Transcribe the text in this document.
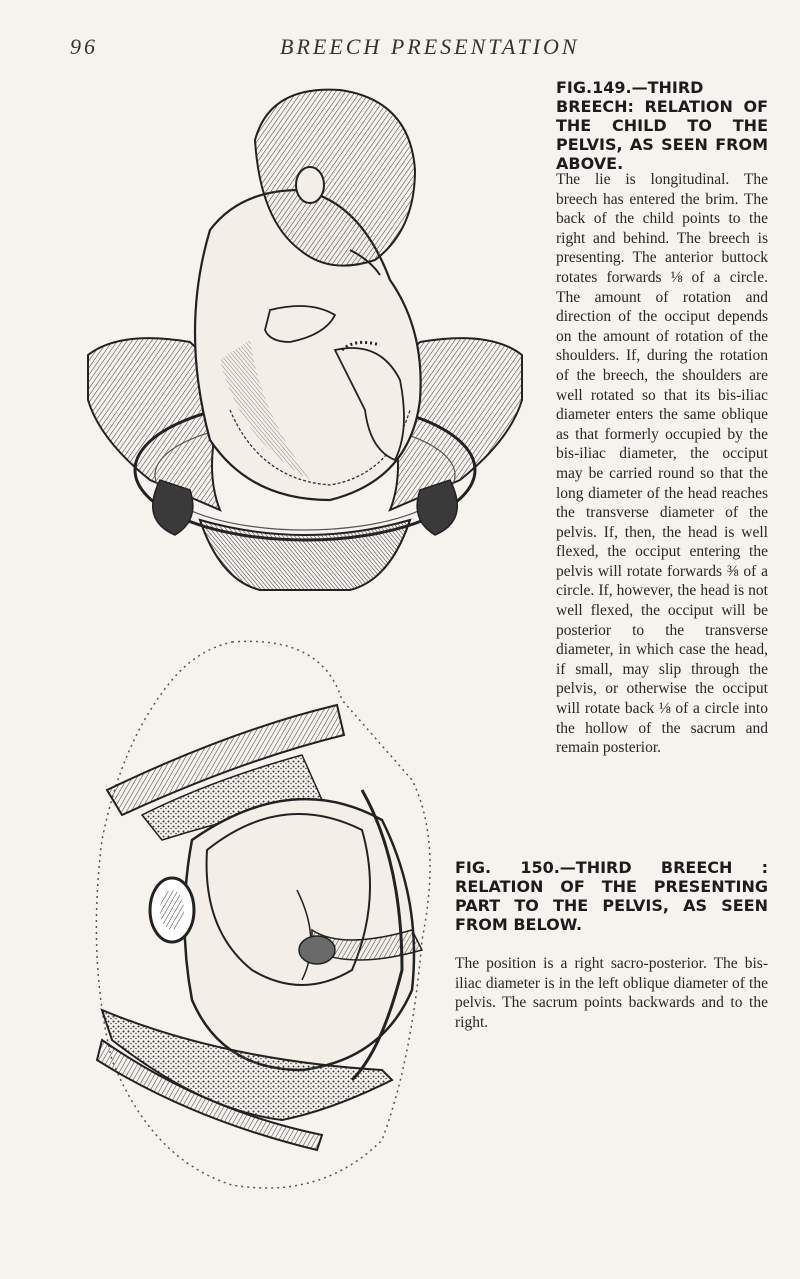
96	BREECH PRESENTATION
FIG.149.—THIRD BREECH: RELATION OF THE CHILD TO THE PELVIS, AS SEEN FROM ABOVE.
The lie is longitudinal. The breech has entered the brim. The back of the child points to the right and behind. The breech is presenting. The anterior buttock rotates forwards ⅛ of a circle. The amount of rotation and direction of the occiput depends on the amount of rotation of the shoulders. If, during the rotation of the breech, the shoulders are well rotated so that its bis-iliac diameter enters the same oblique as that formerly occupied by the bis-iliac diameter, the occiput may be carried round so that the long diameter of the head reaches the transverse diameter of the pelvis. If, then, the head is well flexed, the occiput entering the pelvis will rotate forwards ⅜ of a circle. If, however, the head is not well flexed, the occiput will be posterior to the transverse diameter, in which case the head, if small, may slip through the pelvis, or otherwise the occiput will rotate back ⅛ of a circle into the hollow of the sacrum and remain posterior.
FIG. 150.—THIRD BREECH : RELATION OF THE PRESENTING PART TO THE PELVIS, AS SEEN FROM BELOW.
The position is a right sacro-posterior. The bis-iliac diameter is in the left oblique diameter of the pelvis. The sacrum points backwards and to the right.
